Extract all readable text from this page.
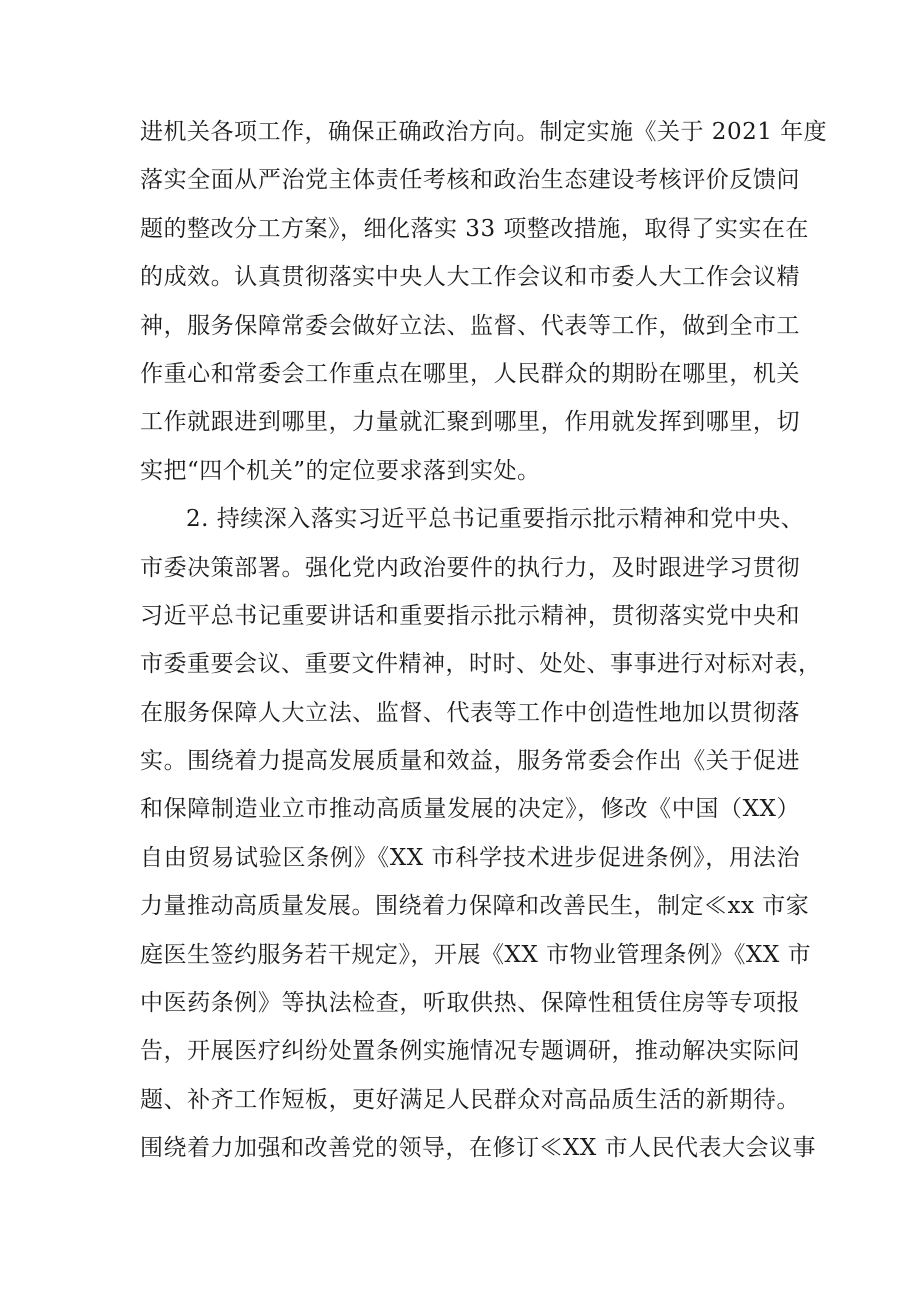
进机关各项工作，确保正确政治方向。制定实施《关于 2021 年度
落实全面从严治党主体责任考核和政治生态建设考核评价反馈问
题的整改分工方案》，细化落实 33 项整改措施，取得了实实在在
的成效。认真贯彻落实中央人大工作会议和市委人大工作会议精
神，服务保障常委会做好立法、监督、代表等工作，做到全市工
作重心和常委会工作重点在哪里，人民群众的期盼在哪里，机关
工作就跟进到哪里，力量就汇聚到哪里，作用就发挥到哪里，切
实把“四个机关”的定位要求落到实处。
2. 持续深入落实习近平总书记重要指示批示精神和党中央、
市委决策部署。强化党内政治要件的执行力，及时跟进学习贯彻
习近平总书记重要讲话和重要指示批示精神，贯彻落实党中央和
市委重要会议、重要文件精神，时时、处处、事事进行对标对表，
在服务保障人大立法、监督、代表等工作中创造性地加以贯彻落
实。围绕着力提高发展质量和效益，服务常委会作出《关于促进
和保障制造业立市推动高质量发展的决定》，修改《中国（XX）
自由贸易试验区条例》《XX 市科学技术进步促进条例》，用法治
力量推动高质量发展。围绕着力保障和改善民生，制定≪xx 市家
庭医生签约服务若干规定》，开展《XX 市物业管理条例》《XX 市
中医药条例》等执法检查，听取供热、保障性租赁住房等专项报
告，开展医疗纠纷处置条例实施情况专题调研，推动解决实际问
题、补齐工作短板，更好满足人民群众对高品质生活的新期待。
围绕着力加强和改善党的领导，在修订≪XX 市人民代表大会议事
